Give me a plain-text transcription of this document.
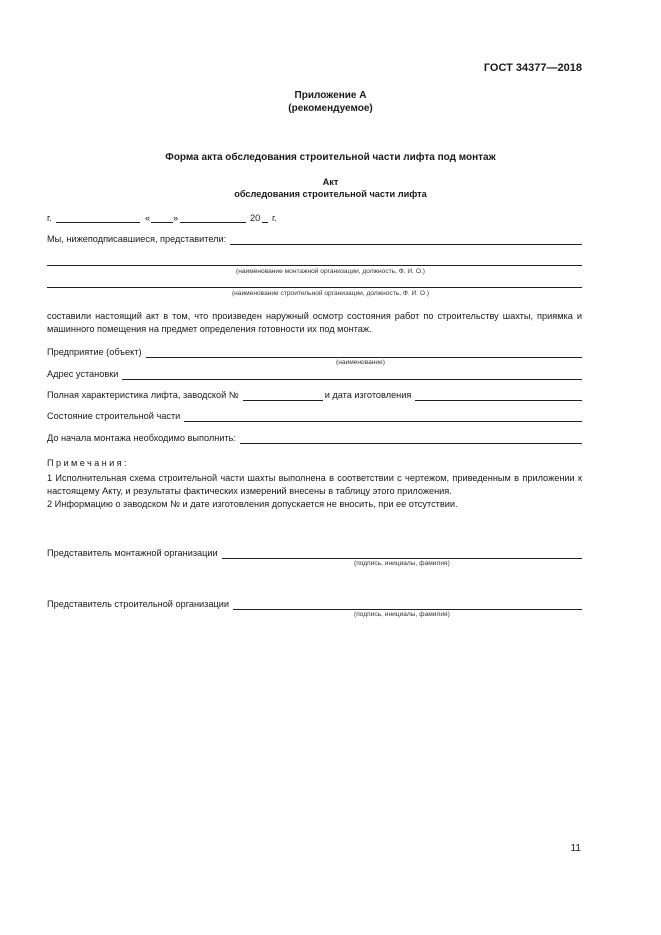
ГОСТ 34377—2018
Приложение А
(рекомендуемое)
Форма акта обследования строительной части лифта под монтаж
Акт
обследования строительной части лифта
г.	« »	20 г.
Мы, нижеподписавшиеся, представители:
(наименование монтажной организации, должность, Ф. И. О.)
(наименование строительной организации, должность, Ф. И. О.)
составили настоящий акт в том, что произведен наружный осмотр состояния работ по строительству шахты, приямка и машинного помещения на предмет определения готовности их под монтаж.
Предприятие (объект)
(наименование)
Адрес установки
Полная характеристика лифта, заводской №	и дата изготовления
Состояние строительной части
До начала монтажа необходимо выполнить:
Примечания:
1 Исполнительная схема строительной части шахты выполнена в соответствии с чертежом, приведенным в приложении к настоящему Акту, и результаты фактических измерений внесены в таблицу этого приложения.
2 Информацию о заводском № и дате изготовления допускается не вносить, при ее отсутствии.
Представитель монтажной организации
(подпись, инициалы, фамилия)
Представитель строительной организации
(подпись, инициалы, фамилия)
11
